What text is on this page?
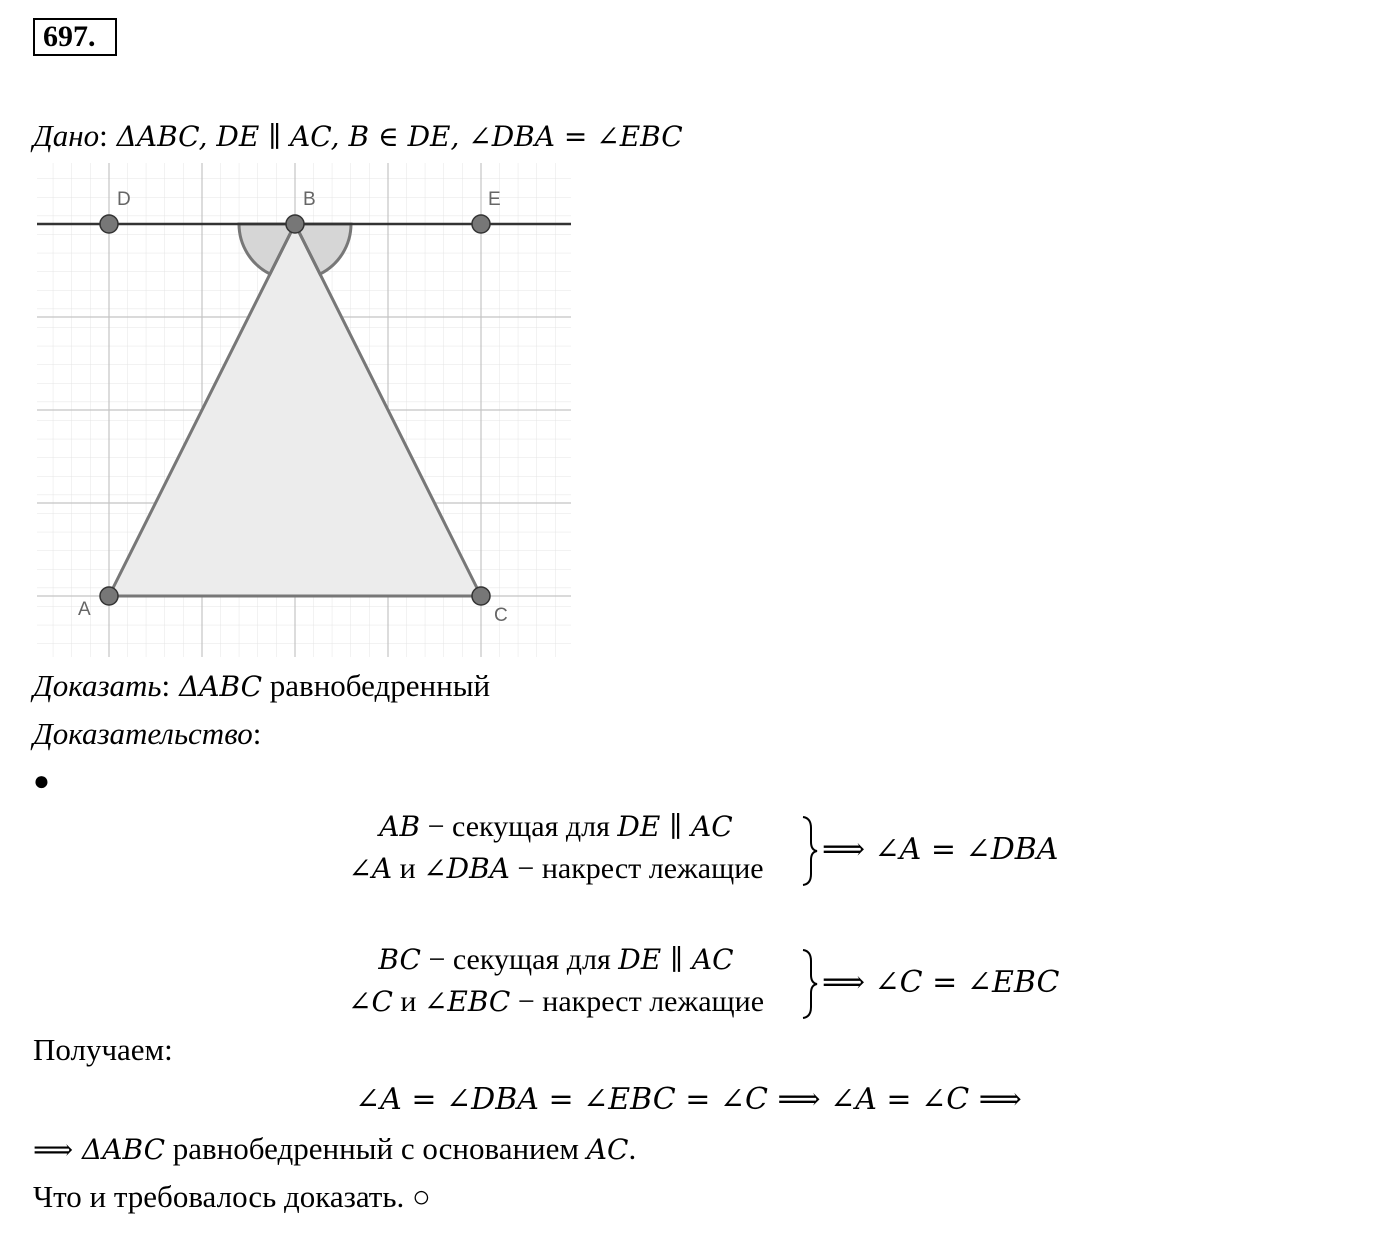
697.
Дано: ΔABC, DE ∥ AC, B ∈ DE, ∠DBA = ∠EBC
D	B	E
A	C
Доказать: ΔABC равнобедренный
Доказательство:
●
AB − секущая для DE ∥ AC
∠A и ∠DBA − накрест лежащие
⟹ ∠A = ∠DBA
BC − секущая для DE ∥ AC
∠C и ∠EBC − накрест лежащие
⟹ ∠C = ∠EBC
Получаем:
∠A = ∠DBA = ∠EBC = ∠C ⟹ ∠A = ∠C ⟹
⟹ ΔABC равнобедренный с основанием AC.
Что и требовалось доказать. ○
